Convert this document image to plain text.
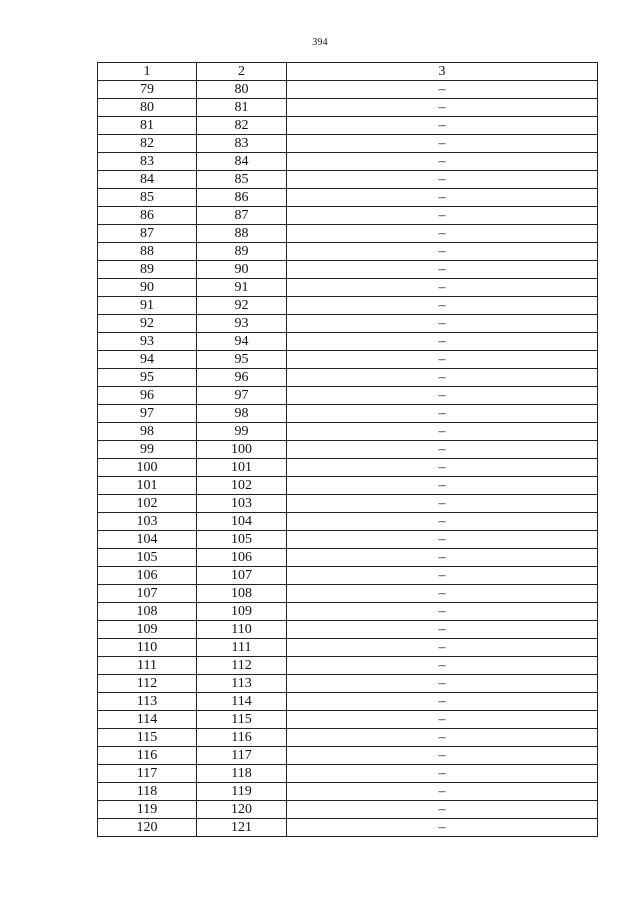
394
1	2	3
79	80	–
80	81	–
81	82	–
82	83	–
83	84	–
84	85	–
85	86	–
86	87	–
87	88	–
88	89	–
89	90	–
90	91	–
91	92	–
92	93	–
93	94	–
94	95	–
95	96	–
96	97	–
97	98	–
98	99	–
99	100	–
100	101	–
101	102	–
102	103	–
103	104	–
104	105	–
105	106	–
106	107	–
107	108	–
108	109	–
109	110	–
110	111	–
111	112	–
112	113	–
113	114	–
114	115	–
115	116	–
116	117	–
117	118	–
118	119	–
119	120	–
120	121	–
